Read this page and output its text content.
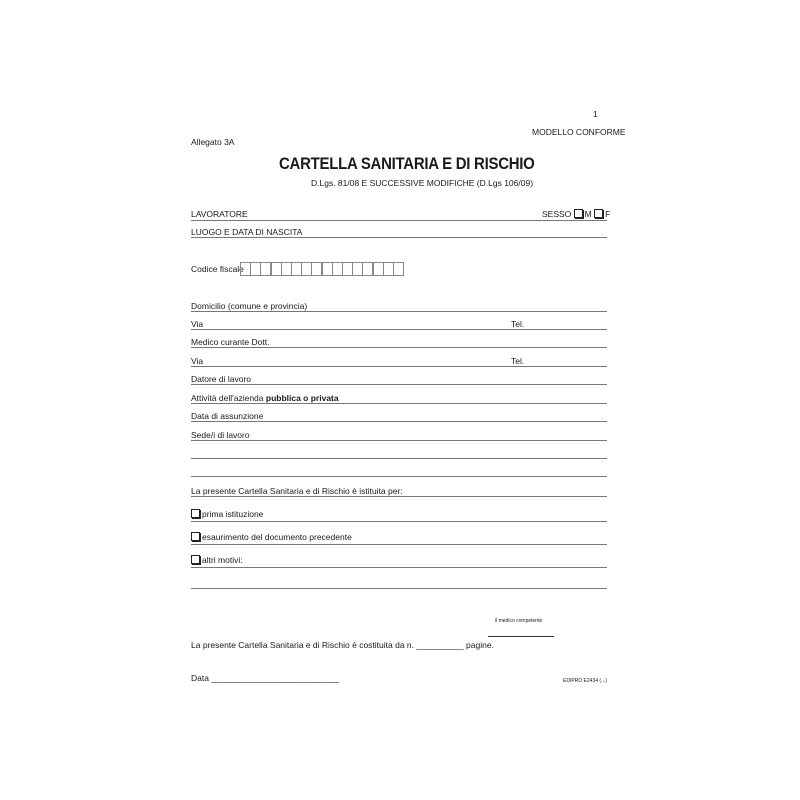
1
MODELLO CONFORME
Allegato 3A
CARTELLA SANITARIA E DI RISCHIO
D.Lgs. 81/08 E SUCCESSIVE MODIFICHE (D.Lgs 106/09)
LAVORATORE	SESSO M F
LUOGO E DATA DI NASCITA
Codice fiscale
Domicilio (comune e provincia)
Via	Tel.
Medico curante Dott.
Via	Tel.
Datore di lavoro
Attività dell'azienda pubblica o privata
Data di assunzione
Sede/i di lavoro
La presente Cartella Sanitaria e di Rischio è istituita per:
prima istituzione
esaurimento del documento precedente
altri motivi:
il medico competente
La presente Cartella Sanitaria e di Rischio è costituita da n. __________ pagine.
Data ___________________________	EDIPRO E2434 (...)
